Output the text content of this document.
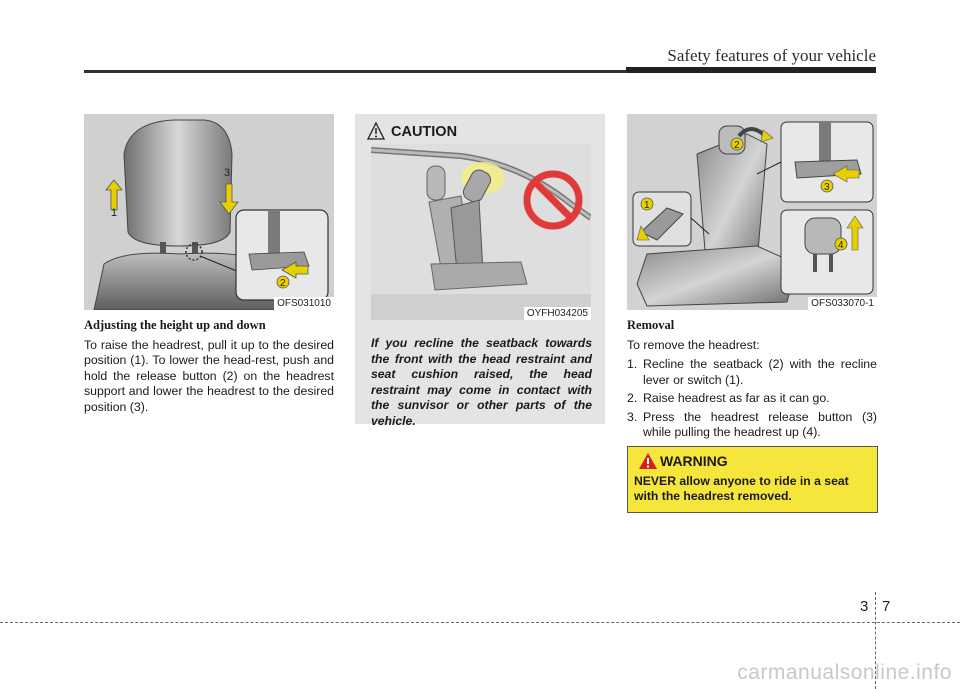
Safety features of your vehicle
1
3
2
OFS031010

Adjusting the height up and down

To raise the headrest, pull it up to the desired position (1). To lower the head-rest, push and hold the release button (2) on the headrest support and lower the headrest to the desired position (3).

CAUTION
OYFH034205

If you recline the seatback towards the front with the head restraint and seat cushion raised, the head restraint may come in contact with the sunvisor or other parts of the vehicle.

2
1
3
4
OFS033070-1

Removal

To remove the headrest:

1. Recline the seatback (2) with the recline lever or switch (1).
2. Raise headrest as far as it can go.
3. Press the headrest release button (3) while pulling the headrest up (4).
WARNING
NEVER allow anyone to ride in a seat with the headrest removed.
3 7
carmanualsonline.info
